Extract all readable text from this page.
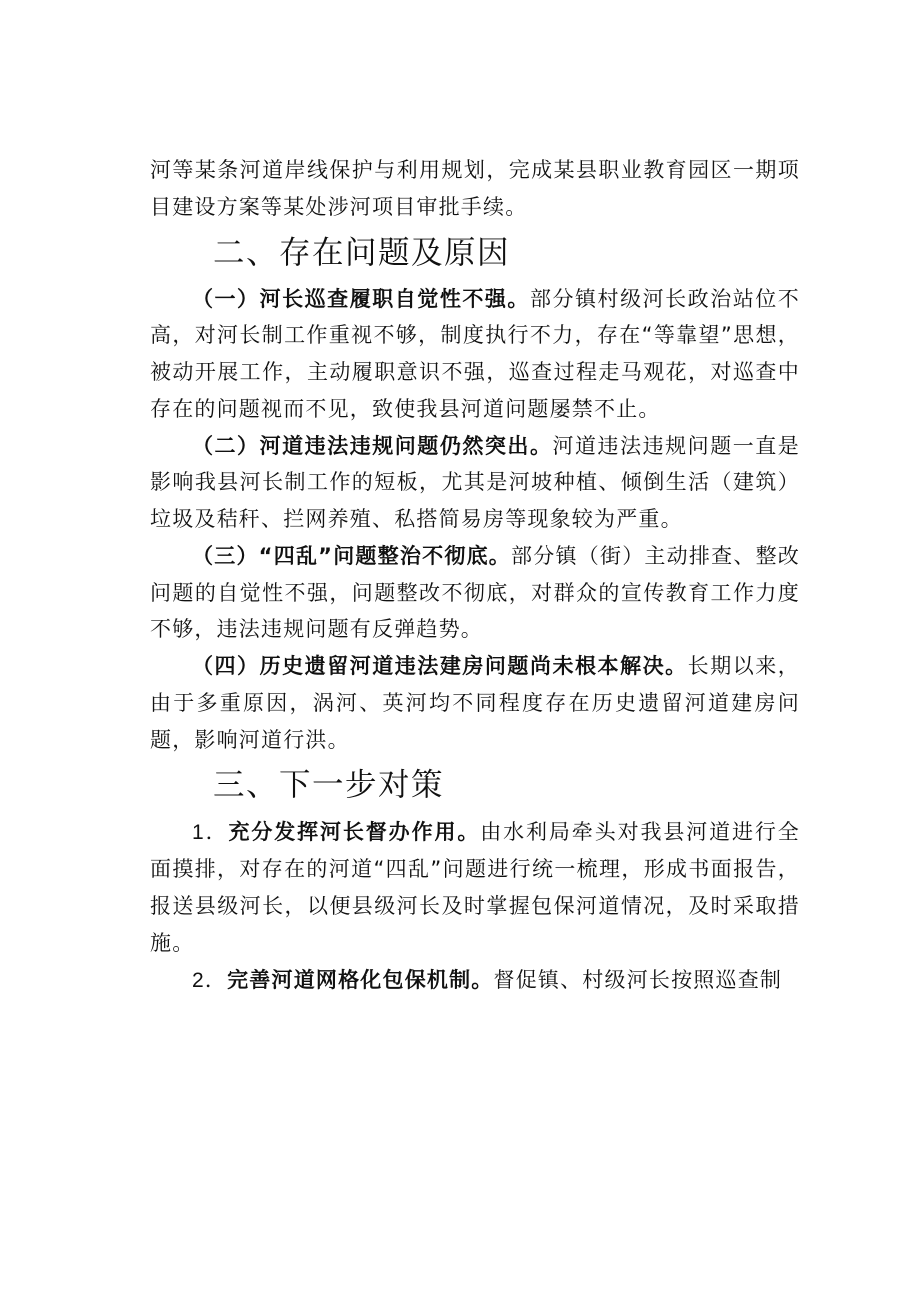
河等某条河道岸线保护与利用规划，完成某县职业教育园区一期项目建设方案等某处涉河项目审批手续。

二、存在问题及原因

（一）河长巡查履职自觉性不强。部分镇村级河长政治站位不高，对河长制工作重视不够，制度执行不力，存在“等靠望”思想，被动开展工作，主动履职意识不强，巡查过程走马观花，对巡查中存在的问题视而不见，致使我县河道问题屡禁不止。

（二）河道违法违规问题仍然突出。河道违法违规问题一直是影响我县河长制工作的短板，尤其是河坡种植、倾倒生活（建筑）垃圾及秸秆、拦网养殖、私搭简易房等现象较为严重。

（三）“四乱”问题整治不彻底。部分镇（街）主动排查、整改问题的自觉性不强，问题整改不彻底，对群众的宣传教育工作力度不够，违法违规问题有反弹趋势。

（四）历史遗留河道违法建房问题尚未根本解决。长期以来，由于多重原因，涡河、英河均不同程度存在历史遗留河道建房问题，影响河道行洪。

三、下一步对策

1．充分发挥河长督办作用。由水利局牵头对我县河道进行全面摸排，对存在的河道“四乱”问题进行统一梳理，形成书面报告，报送县级河长，以便县级河长及时掌握包保河道情况，及时采取措施。

2．完善河道网格化包保机制。督促镇、村级河长按照巡查制
